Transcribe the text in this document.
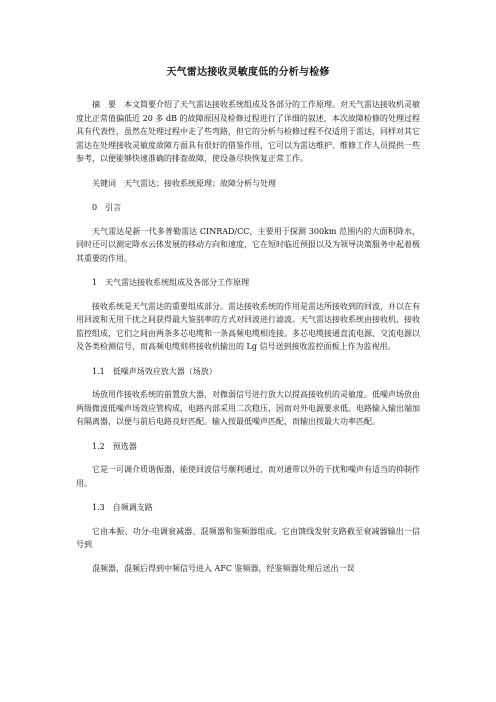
天气雷达接收灵敏度低的分析与检修

摘　要　本文简要介绍了天气雷达接收系统组成及各部分的工作原理。对天气雷达接收机灵敏度比正常值偏低近 20 多 dB 的故障原因及检修过程进行了详细的叙述，本次故障检修的处理过程具有代表性，虽然在处理过程中走了些弯路，但它的分析与检修过程不仅适用于雷达，同样对其它雷达在处理接收灵敏度故障方面具有很好的借鉴作用，它可以为雷达维护、维修工作人员提供一些参考，以便能够快速准确的排查故障，使设备尽快恢复正常工作。

关键词　天气雷达；接收系统原理；故障分析与处理

0　引言

天气雷达是新一代多普勒雷达 CINRAD/CC，主要用于探测 300km 范围内的大面积降水，同时还可以测定降水云体发展的移动方向和速度，它在短时临近预报以及为领导决策服务中起着极其重要的作用。

1　天气雷达接收系统组成及各部分工作原理

接收系统是天气雷达的重要组成部分。雷达接收系统的作用是雷达所接收到的回波，并以在有用回波和无用干扰之间获得最大鉴别率的方式对回波进行滤波。天气雷达接收系统由接收机、接收监控组成，它们之间由两条多芯电缆和一条高频电缆相连接。多芯电缆接通直流电源、交流电源以及各类检测信号，而高频电缆则将接收机输出的 Lg 信号送到接收监控面板上作为监视用。

1.1　低噪声场效应放大器（场放）

场放用作接收系统的前置放大器，对微弱信号进行放大以提高接收机的灵敏度。低噪声场放由两级微波低噪声场效应管构成，电路内部采用二次稳压，因而对外电源要求低。电路输入输出端加有隔离器，以便与前后电路良好匹配。输入按最低噪声匹配，而输出按最大功率匹配。

1.2　预选器

它是一可调介质谐振器，能使回波信号顺利通过，而对通带以外的干扰和噪声有适当的抑制作用。

1.3　自频调支路

它由本振、功分-电调衰减器、混频器和鉴频器组成。它由馈线发射支路截至衰减器输出一信号到

混频器，混频后得到中频信号进入 AFC 鉴频器，经鉴频器处理后送出一误
